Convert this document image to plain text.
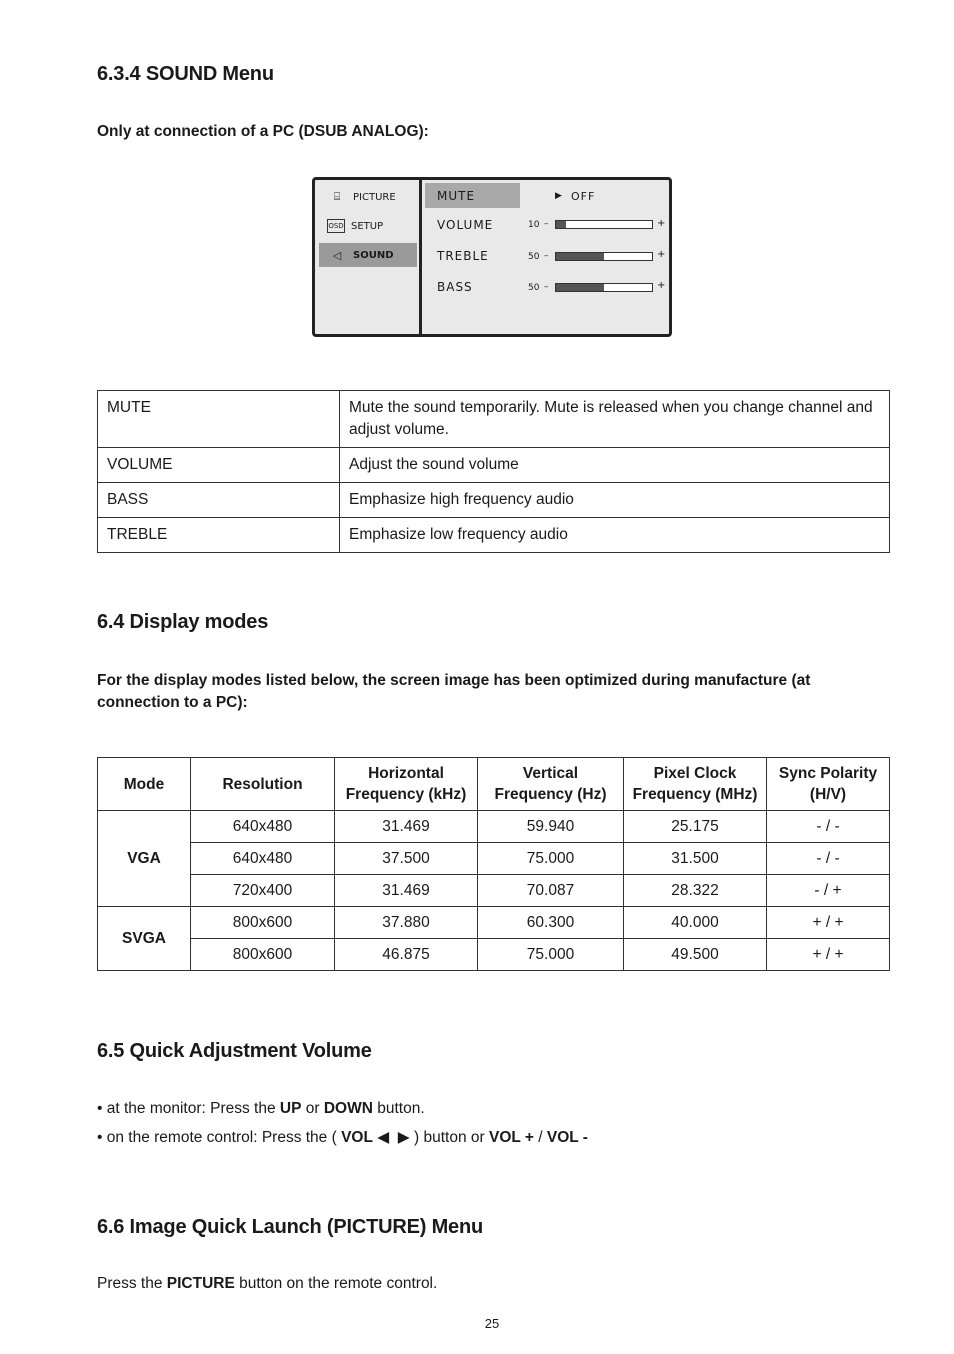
6.3.4 SOUND Menu

Only at connection of a PC (DSUB ANALOG):

⌸	PICTURE
OSD SETUP
◁	SOUND
MUTE	▶ OFF
VOLUME	10 –	+
TREBLE	50 –	+
BASS	50 –	+
MUTE	Mute the sound temporarily. Mute is released when you change channel and adjust volume.
VOLUME	Adjust the sound volume
BASS	Emphasize high frequency audio
TREBLE	Emphasize low frequency audio
6.4 Display modes

For the display modes listed below, the screen image has been optimized during manufacture (at connection to a PC):

Mode	Resolution	Horizontal Frequency (kHz)	Vertical Frequency (Hz)	Pixel Clock Frequency (MHz)	Sync Polarity (H/V)
VGA	640x480	31.469	59.940	25.175	- / -
	640x480	37.500	75.000	31.500	- / -
	720x400	31.469	70.087	28.322	- / +
SVGA	800x600	37.880	60.300	40.000	+ / +
	800x600	46.875	75.000	49.500	+ / +
6.5 Quick Adjustment Volume
• at the monitor: Press the UP or DOWN button.
• on the remote control: Press the ( VOL ◀  ▶ ) button or VOL + / VOL -
6.6 Image Quick Launch (PICTURE) Menu
Press the PICTURE button on the remote control.
25
